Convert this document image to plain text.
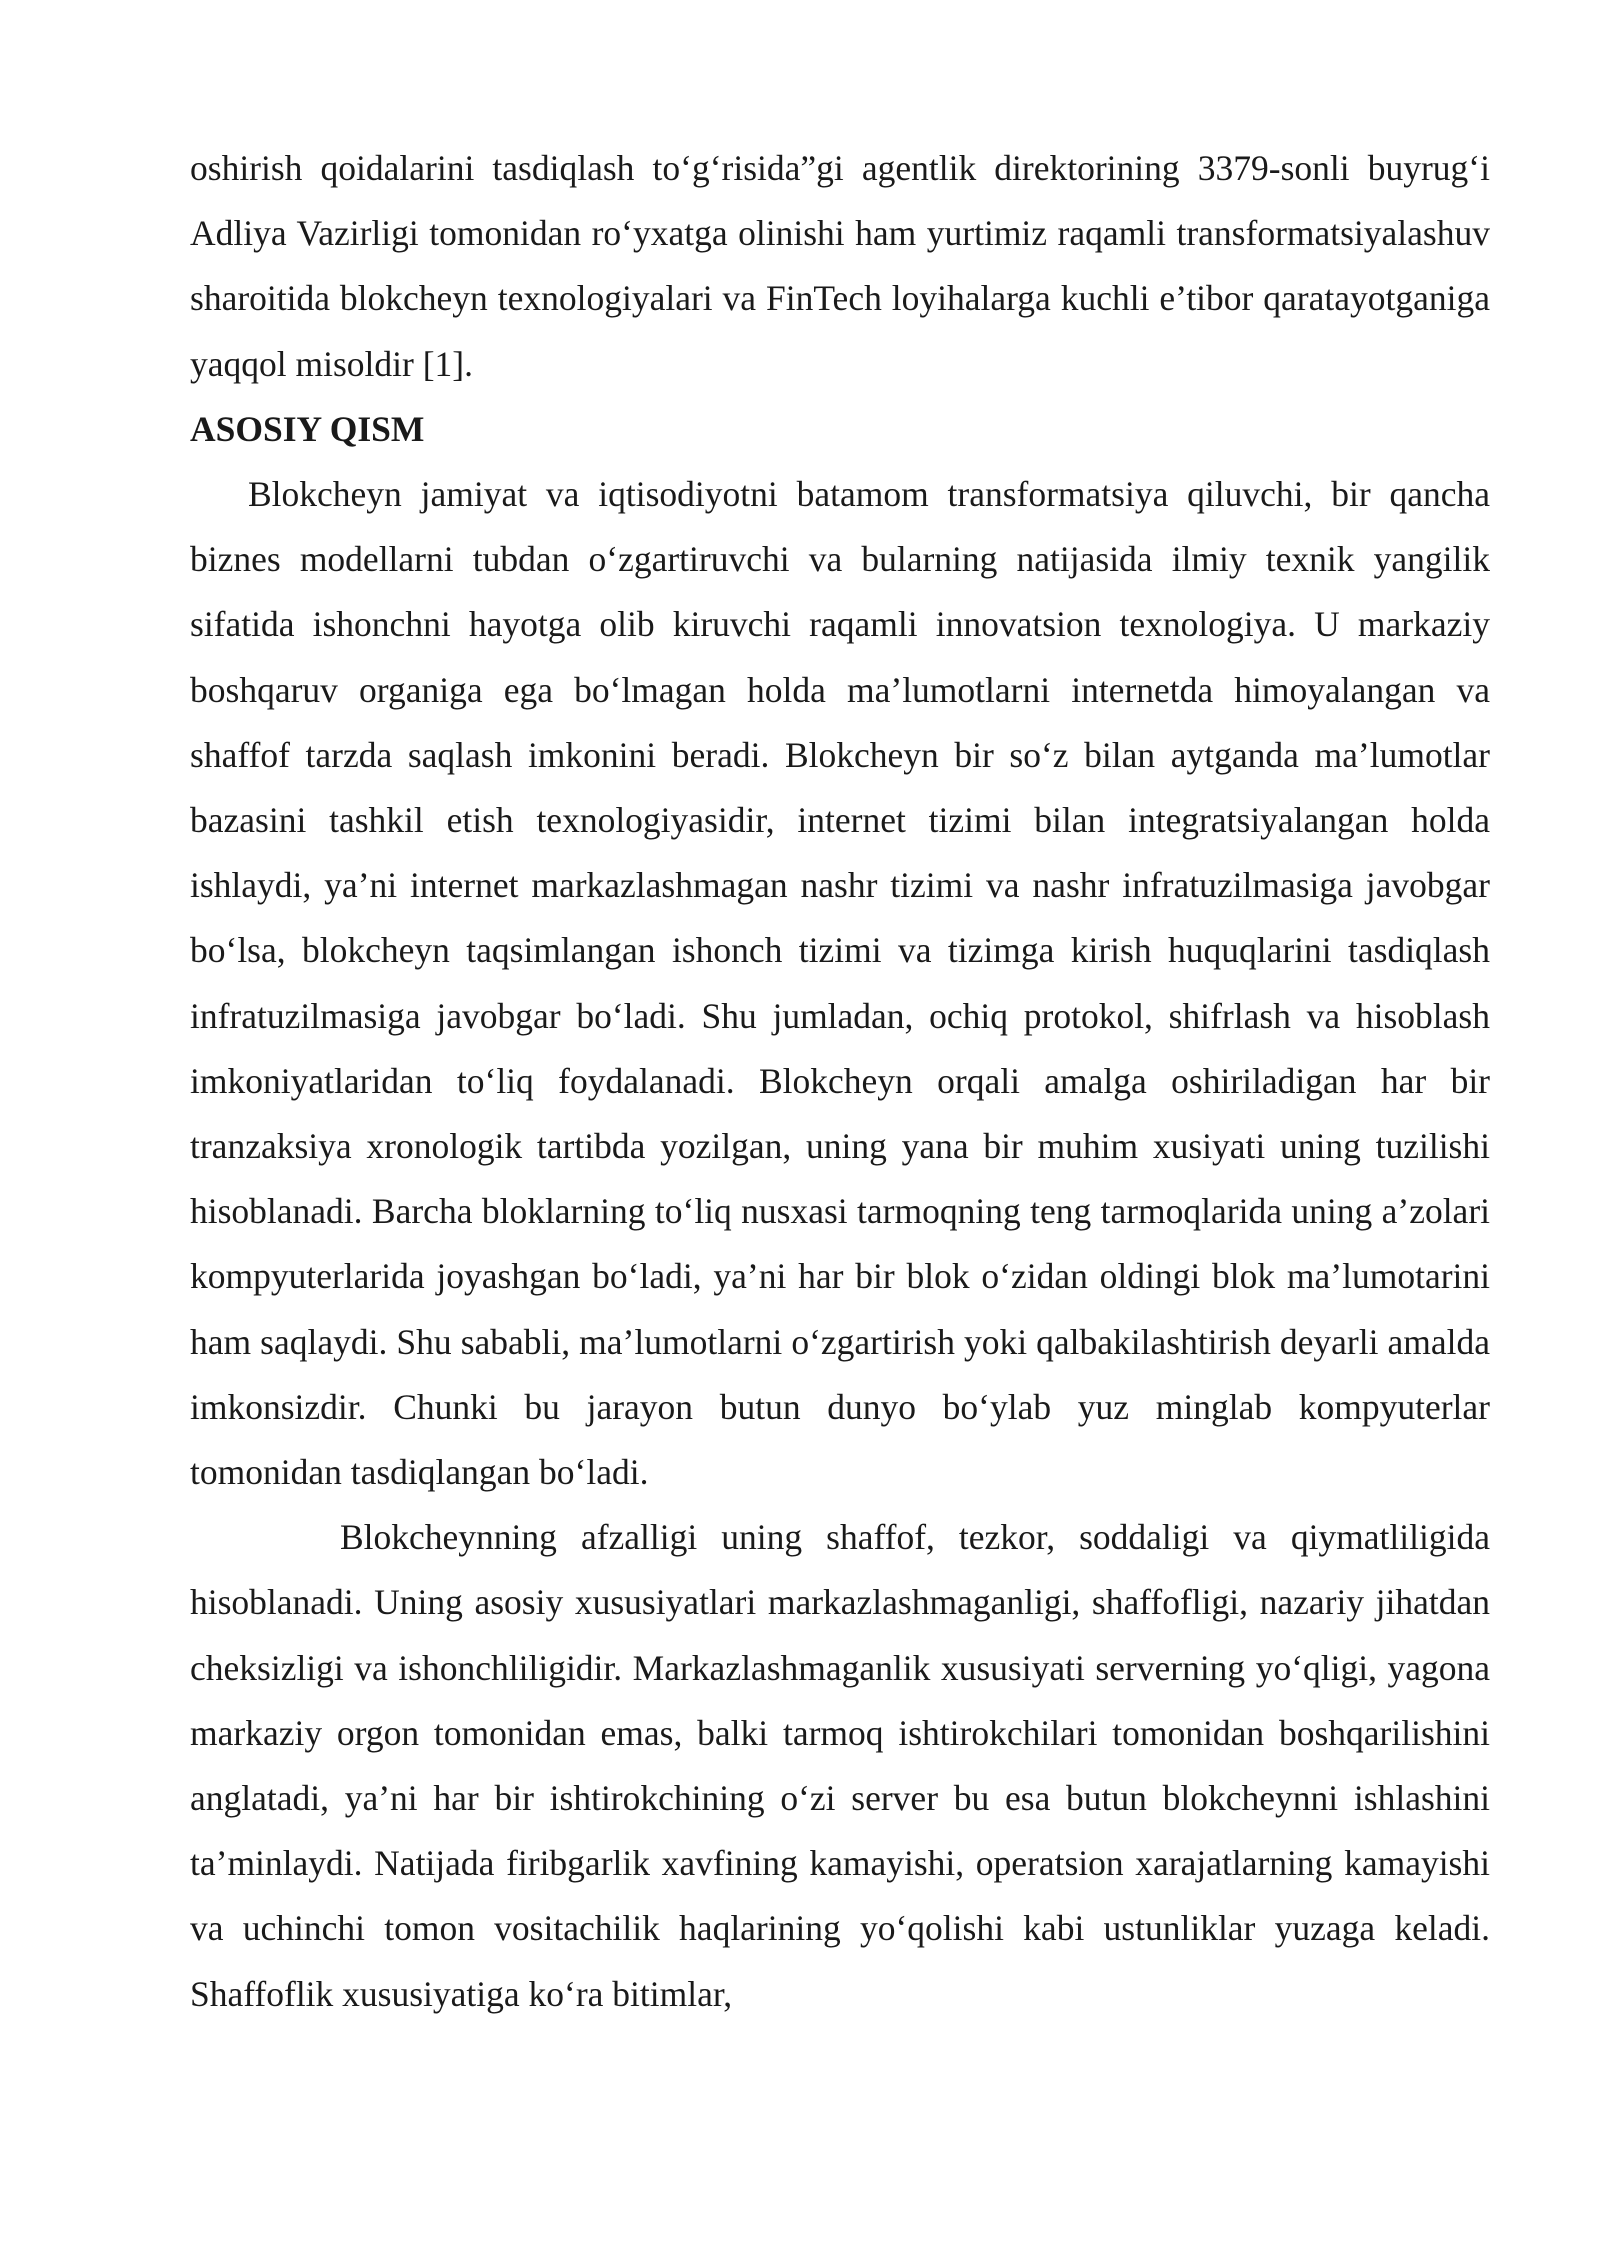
oshirish qoidalarini tasdiqlash to‘g‘risida”gi agentlik direktorining 3379-sonli buyrug‘i Adliya Vazirligi tomonidan ro‘yxatga olinishi ham yurtimiz raqamli transformatsiyalashuv sharoitida blokcheyn texnologiyalari va FinTech loyihalarga kuchli e’tibor qaratayotganiga yaqqol misoldir [1].

ASOSIY QISM

Blokcheyn jamiyat va iqtisodiyotni batamom transformatsiya qiluvchi, bir qancha biznes modellarni tubdan o‘zgartiruvchi va bularning natijasida ilmiy texnik yangilik sifatida ishonchni hayotga olib kiruvchi raqamli innovatsion texnologiya. U markaziy boshqaruv organiga ega bo‘lmagan holda ma’lumotlarni internetda himoyalangan va shaffof tarzda saqlash imkonini beradi. Blokcheyn bir so‘z bilan aytganda ma’lumotlar bazasini tashkil etish texnologiyasidir, internet tizimi bilan integratsiyalangan holda ishlaydi, ya’ni internet markazlashmagan nashr tizimi va nashr infratuzilmasiga javobgar bo‘lsa, blokcheyn taqsimlangan ishonch tizimi va tizimga kirish huquqlarini tasdiqlash infratuzilmasiga javobgar bo‘ladi. Shu jumladan, ochiq protokol, shifrlash va hisoblash imkoniyatlaridan to‘liq foydalanadi. Blokcheyn orqali amalga oshiriladigan har bir tranzaksiya xronologik tartibda yozilgan, uning yana bir muhim xusiyati uning tuzilishi hisoblanadi. Barcha bloklarning to‘liq nusxasi tarmoqning teng tarmoqlarida uning a’zolari kompyuterlarida joyashgan bo‘ladi, ya’ni har bir blok o‘zidan oldingi blok ma’lumotarini ham saqlaydi. Shu sababli, ma’lumotlarni o‘zgartirish yoki qalbakilashtirish deyarli amalda imkonsizdir. Chunki bu jarayon butun dunyo bo‘ylab yuz minglab kompyuterlar tomonidan tasdiqlangan bo‘ladi.

Blokcheynning afzalligi uning shaffof, tezkor, soddaligi va qiymatliligida hisoblanadi. Uning asosiy xususiyatlari markazlashmaganligi, shaffofligi, nazariy jihatdan cheksizligi va ishonchliligidir. Markazlashmaganlik xususiyati serverning yo‘qligi, yagona markaziy orgon tomonidan emas, balki tarmoq ishtirokchilari tomonidan boshqarilishini anglatadi, ya’ni har bir ishtirokchining o‘zi server bu esa butun blokcheynni ishlashini ta’minlaydi. Natijada firibgarlik xavfining kamayishi, operatsion xarajatlarning kamayishi va uchinchi tomon vositachilik haqlarining yo‘qolishi kabi ustunliklar yuzaga keladi. Shaffoflik xususiyatiga ko‘ra bitimlar,
